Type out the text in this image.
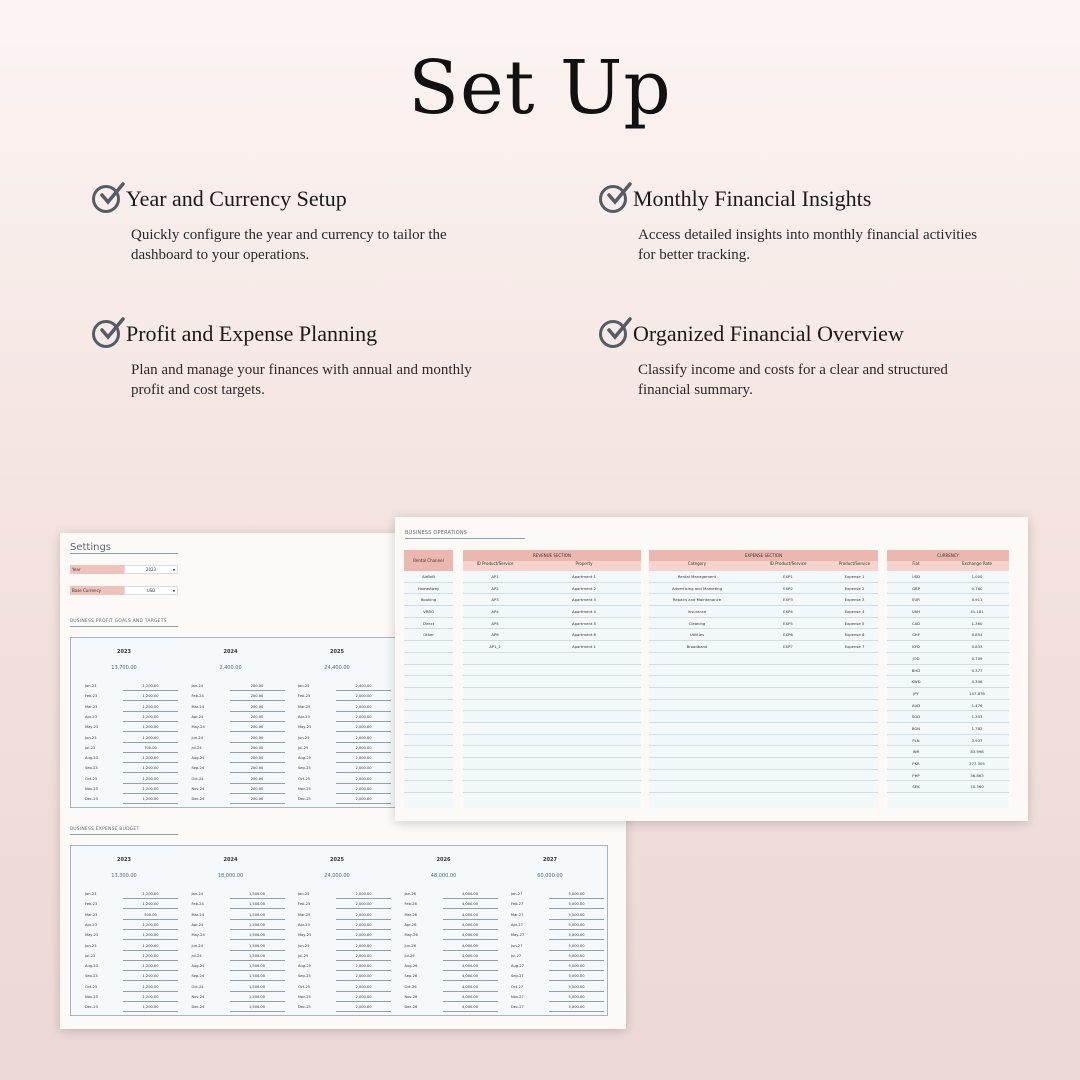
Set Up
Year and Currency Setup
Quickly configure the year and currency to tailor the dashboard to your operations.
Monthly Financial Insights
Access detailed insights into monthly financial activities for better tracking.
Profit and Expense Planning
Plan and manage your finances with annual and monthly profit and cost targets.
Organized Financial Overview
Classify income and costs for a clear and structured financial summary.
Settings
Year	2023	▼
Base Currency	USD	▼
BUSINESS PROFIT GOALS AND TARGETS
2023
13,700.00
Jan-23	1,200.00
Feb-23	1,200.00
Mar-23	1,200.00
Apr-23	1,200.00
May-23	1,200.00
Jun-23	1,200.00
Jul-23	700.00
Aug-23	1,200.00
Sep-23	1,200.00
Oct-23	1,200.00
Nov-23	1,200.00
Dec-23	1,200.00
2024
2,400.00
Jan-24	200.00
Feb-24	200.00
Mar-24	200.00
Apr-24	200.00
May-24	200.00
Jun-24	200.00
Jul-24	200.00
Aug-24	200.00
Sep-24	200.00
Oct-24	200.00
Nov-24	200.00
Dec-24	200.00
2025
24,400.00
Jan-25	2,400.00
Feb-25	2,000.00
Mar-25	2,000.00
Apr-25	2,000.00
May-25	2,000.00
Jun-25	2,000.00
Jul-25	2,000.00
Aug-25	2,000.00
Sep-25	2,000.00
Oct-25	2,000.00
Nov-25	2,000.00
Dec-25	2,000.00
BUSINESS EXPENSE BUDGET
2023
13,300.00
Jan-23	1,200.00
Feb-23	1,200.00
Mar-23	500.00
Apr-23	1,200.00
May-23	1,200.00
Jun-23	1,200.00
Jul-23	1,200.00
Aug-23	1,200.00
Sep-23	1,200.00
Oct-23	1,200.00
Nov-23	1,200.00
Dec-23	1,200.00
2024
18,000.00
Jan-24	1,500.00
Feb-24	1,500.00
Mar-24	1,500.00
Apr-24	1,500.00
May-24	1,500.00
Jun-24	1,500.00
Jul-24	1,500.00
Aug-24	1,500.00
Sep-24	1,500.00
Oct-24	1,500.00
Nov-24	1,500.00
Dec-24	1,500.00
2025
24,000.00
Jan-25	2,000.00
Feb-25	2,000.00
Mar-25	2,000.00
Apr-25	2,000.00
May-25	2,000.00
Jun-25	2,000.00
Jul-25	2,000.00
Aug-25	2,000.00
Sep-25	2,000.00
Oct-25	2,000.00
Nov-25	2,000.00
Dec-25	2,000.00
2026
48,000.00
Jan-26	4,000.00
Feb-26	4,000.00
Mar-26	4,000.00
Apr-26	4,000.00
May-26	4,000.00
Jun-26	4,000.00
Jul-26	4,000.00
Aug-26	4,000.00
Sep-26	4,000.00
Oct-26	4,000.00
Nov-26	4,000.00
Dec-26	4,000.00
2027
60,000.00
Jan-27	5,000.00
Feb-27	5,000.00
Mar-27	5,000.00
Apr-27	5,000.00
May-27	5,000.00
Jun-27	5,000.00
Jul-27	5,000.00
Aug-27	5,000.00
Sep-27	5,000.00
Oct-27	5,000.00
Nov-27	5,000.00
Dec-27	5,000.00
BUSINESS OPERATIONS
Rental Channel
AirBnB
HomeAway
Booking
VRBO
Direct
Other
REVENUE SECTION
ID Product/Service	Property
AP1	Apartment 1
AP2	Apartment 2
AP3	Apartment 3
AP4	Apartment 4
AP5	Apartment 5
AP6	Apartment 6
AP1_2	Apartment 1
EXPENSE SECTION
Category	ID Product/Service	Product/Service
Rental Management	EXP1	Expense 1
Advertising and Marketing	EXP2	Expense 2
Repairs and Maintenance	EXP3	Expense 3
Insurance	EXP4	Expense 4
Cleaning	EXP5	Expense 5
Utilities	EXP6	Expense 6
Broadband	EXP7	Expense 7
CURRENCY
Fiat	Exchange Rate
USD	1.000
GBP	0.760
EUR	0.911
UAH	41.181
CAD	1.360
CHF	0.854
KYD	0.833
JOD	0.709
BHD	0.377
KWD	0.306
JPY	147.876
AUD	1.476
SGD	1.353
BGN	1.782
PLN	3.937
INR	83.998
PKR	277.305
PHP	56.863
SEK	10.360
